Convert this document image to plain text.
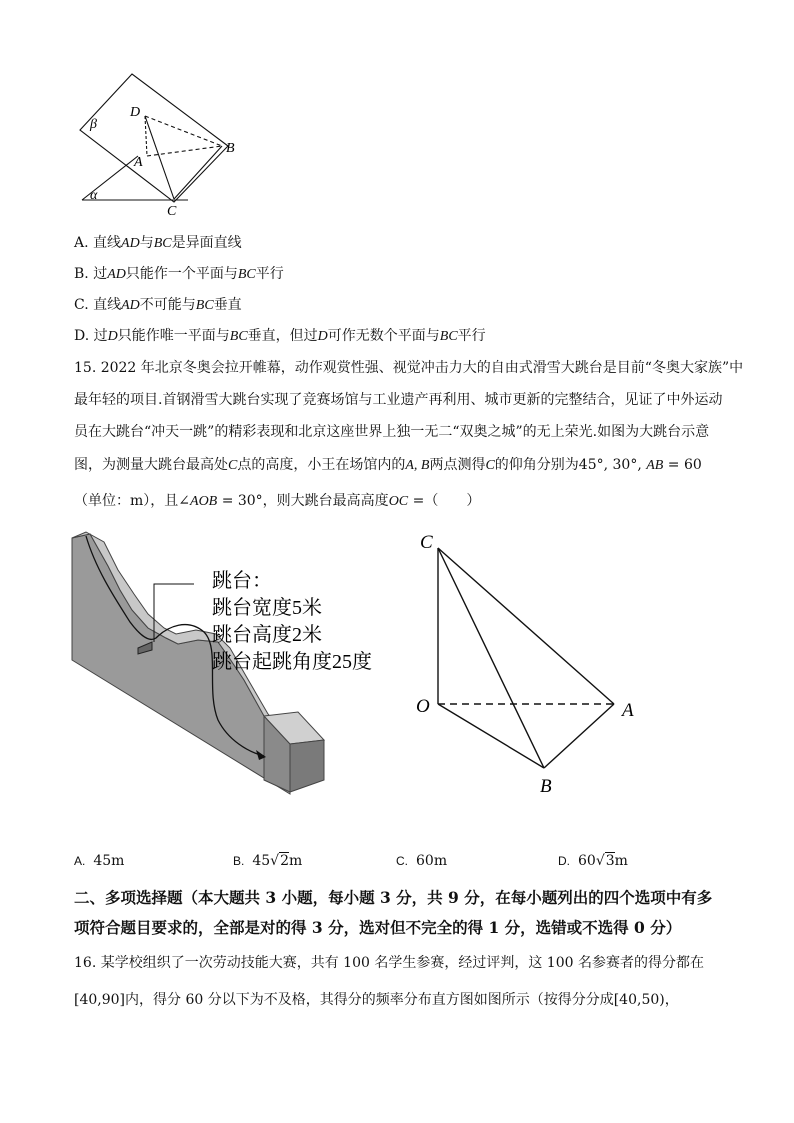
β
α
D
A
B
C
A. 直线AD与BC是异面直线
B. 过AD只能作一个平面与BC平行
C. 直线AD不可能与BC垂直
D. 过D只能作唯一平面与BC垂直，但过D可作无数个平面与BC平行
15. 2022 年北京冬奥会拉开帷幕，动作观赏性强、视觉冲击力大的自由式滑雪大跳台是目前“冬奥大家族”中
最年轻的项目.首钢滑雪大跳台实现了竞赛场馆与工业遗产再利用、城市更新的完整结合，见证了中外运动
员在大跳台“冲天一跳”的精彩表现和北京这座世界上独一无二“双奥之城”的无上荣光.如图为大跳台示意
图，为测量大跳台最高处C点的高度，小王在场馆内的A, B两点测得C的仰角分别为45°, 30°, AB = 60
（单位：m），且∠AOB = 30°，则大跳台最高高度OC =（　　）
跳台：
跳台宽度5米
跳台高度2米
跳台起跳角度25度
C
O	A
B
A. 45m	B. 45√2m	C. 60m	D. 60√3m
二、多项选择题（本大题共 3 小题，每小题 3 分，共 9 分，在每小题列出的四个选项中有多
项符合题目要求的，全部是对的得 3 分，选对但不完全的得 1 分，选错或不选得 0 分）
16. 某学校组织了一次劳动技能大赛，共有 100 名学生参赛，经过评判，这 100 名参赛者的得分都在
[40,90]内，得分 60 分以下为不及格，其得分的频率分布直方图如图所示（按得分分成[40,50)，
